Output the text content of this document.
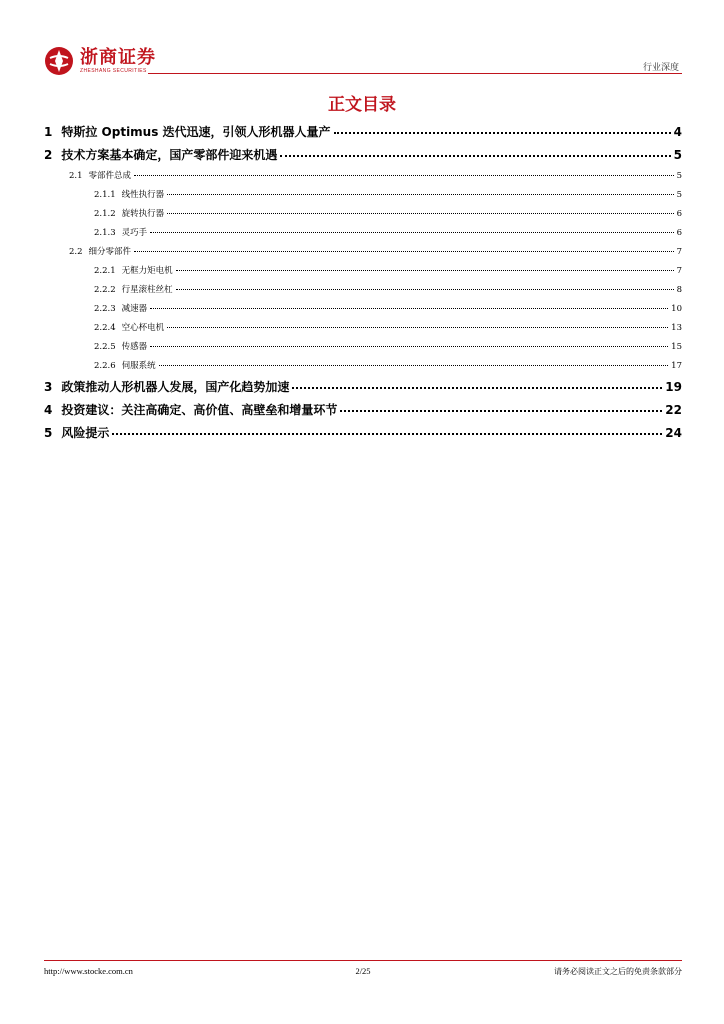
浙商证券
ZHESHANG SECURITIES	行业深度
正文目录
1 特斯拉 Optimus 迭代迅速，引领人形机器人量产	4
2 技术方案基本确定，国产零部件迎来机遇	5
2.1 零部件总成	5
2.1.1 线性执行器	5
2.1.2 旋转执行器	6
2.1.3 灵巧手	6
2.2 细分零部件	7
2.2.1 无框力矩电机	7
2.2.2 行星滚柱丝杠	8
2.2.3 减速器	10
2.2.4 空心杯电机	13
2.2.5 传感器	15
2.2.6 伺服系统	17
3 政策推动人形机器人发展，国产化趋势加速	19
4 投资建议：关注高确定、高价值、高壁垒和增量环节	22
5 风险提示	24
http://www.stocke.com.cn	2/25	请务必阅读正文之后的免责条款部分
